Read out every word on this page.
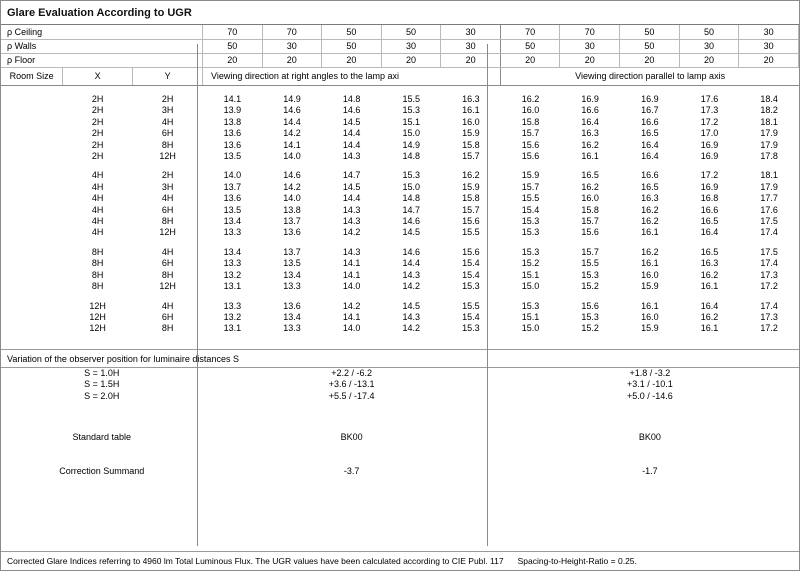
Glare Evaluation According to UGR
ρ Ceiling	70	70	50	50	30	70	70	50	50	30
ρ Walls	50	30	50	30	30	50	30	50	30	30
ρ Floor	20	20	20	20	20	20	20	20	20	20
Room Size	X	Y	Viewing direction at right angles to the lamp axi	Viewing direction parallel to lamp axis

	2H	2H	14.1	14.9	14.8	15.5	16.3	16.2	16.9	16.9	17.6	18.4
	2H	3H	13.9	14.6	14.6	15.3	16.1	16.0	16.6	16.7	17.3	18.2
	2H	4H	13.8	14.4	14.5	15.1	16.0	15.8	16.4	16.6	17.2	18.1
	2H	6H	13.6	14.2	14.4	15.0	15.9	15.7	16.3	16.5	17.0	17.9
	2H	8H	13.6	14.1	14.4	14.9	15.8	15.6	16.2	16.4	16.9	17.9
	2H	12H	13.5	14.0	14.3	14.8	15.7	15.6	16.1	16.4	16.9	17.8

	4H	2H	14.0	14.6	14.7	15.3	16.2	15.9	16.5	16.6	17.2	18.1
	4H	3H	13.7	14.2	14.5	15.0	15.9	15.7	16.2	16.5	16.9	17.9
	4H	4H	13.6	14.0	14.4	14.8	15.8	15.5	16.0	16.3	16.8	17.7
	4H	6H	13.5	13.8	14.3	14.7	15.7	15.4	15.8	16.2	16.6	17.6
	4H	8H	13.4	13.7	14.3	14.6	15.6	15.3	15.7	16.2	16.5	17.5
	4H	12H	13.3	13.6	14.2	14.5	15.5	15.3	15.6	16.1	16.4	17.4

	8H	4H	13.4	13.7	14.3	14.6	15.6	15.3	15.7	16.2	16.5	17.5
	8H	6H	13.3	13.5	14.1	14.4	15.4	15.2	15.5	16.1	16.3	17.4
	8H	8H	13.2	13.4	14.1	14.3	15.4	15.1	15.3	16.0	16.2	17.3
	8H	12H	13.1	13.3	14.0	14.2	15.3	15.0	15.2	15.9	16.1	17.2

	12H	4H	13.3	13.6	14.2	14.5	15.5	15.3	15.6	16.1	16.4	17.4
	12H	6H	13.2	13.4	14.1	14.3	15.4	15.1	15.3	16.0	16.2	17.3
	12H	8H	13.1	13.3	14.0	14.2	15.3	15.0	15.2	15.9	16.1	17.2

Variation of the observer position for luminaire distances S
S = 1.0H	+2.2 / -6.2	+1.8 / -3.2
S = 1.5H	+3.6 / -13.1	+3.1 / -10.1
S = 2.0H	+5.5 / -17.4	+5.0 / -14.6
Standard table	BK00	BK00
Correction Summand	-3.7	-1.7
Corrected Glare Indices referring to 4960 lm Total Luminous Flux. The UGR values have been calculated according to CIE Publ. 117 Spacing-to-Height-Ratio = 0.25.
